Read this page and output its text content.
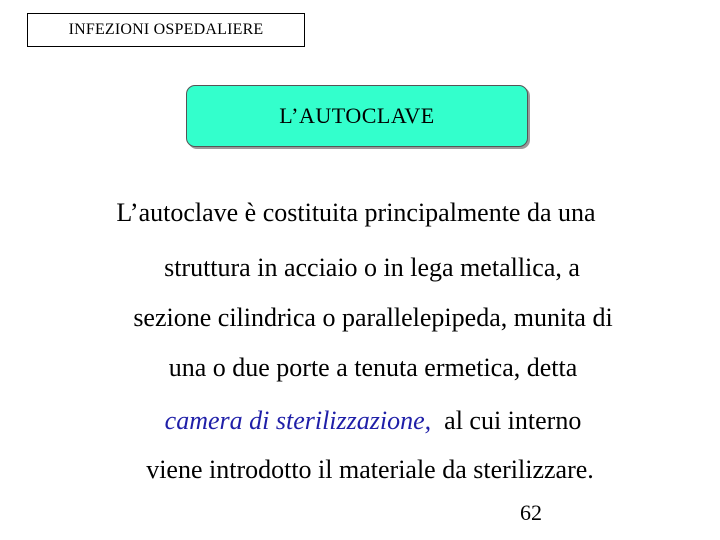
INFEZIONI OSPEDALIERE
L’AUTOCLAVE
L’autoclave è costituita principalmente da una
struttura in acciaio o in lega metallica, a
sezione cilindrica o parallelepipeda, munita di
una o due porte a tenuta ermetica, detta
camera di sterilizzazione, al cui interno
viene introdotto il materiale da sterilizzare.
62
